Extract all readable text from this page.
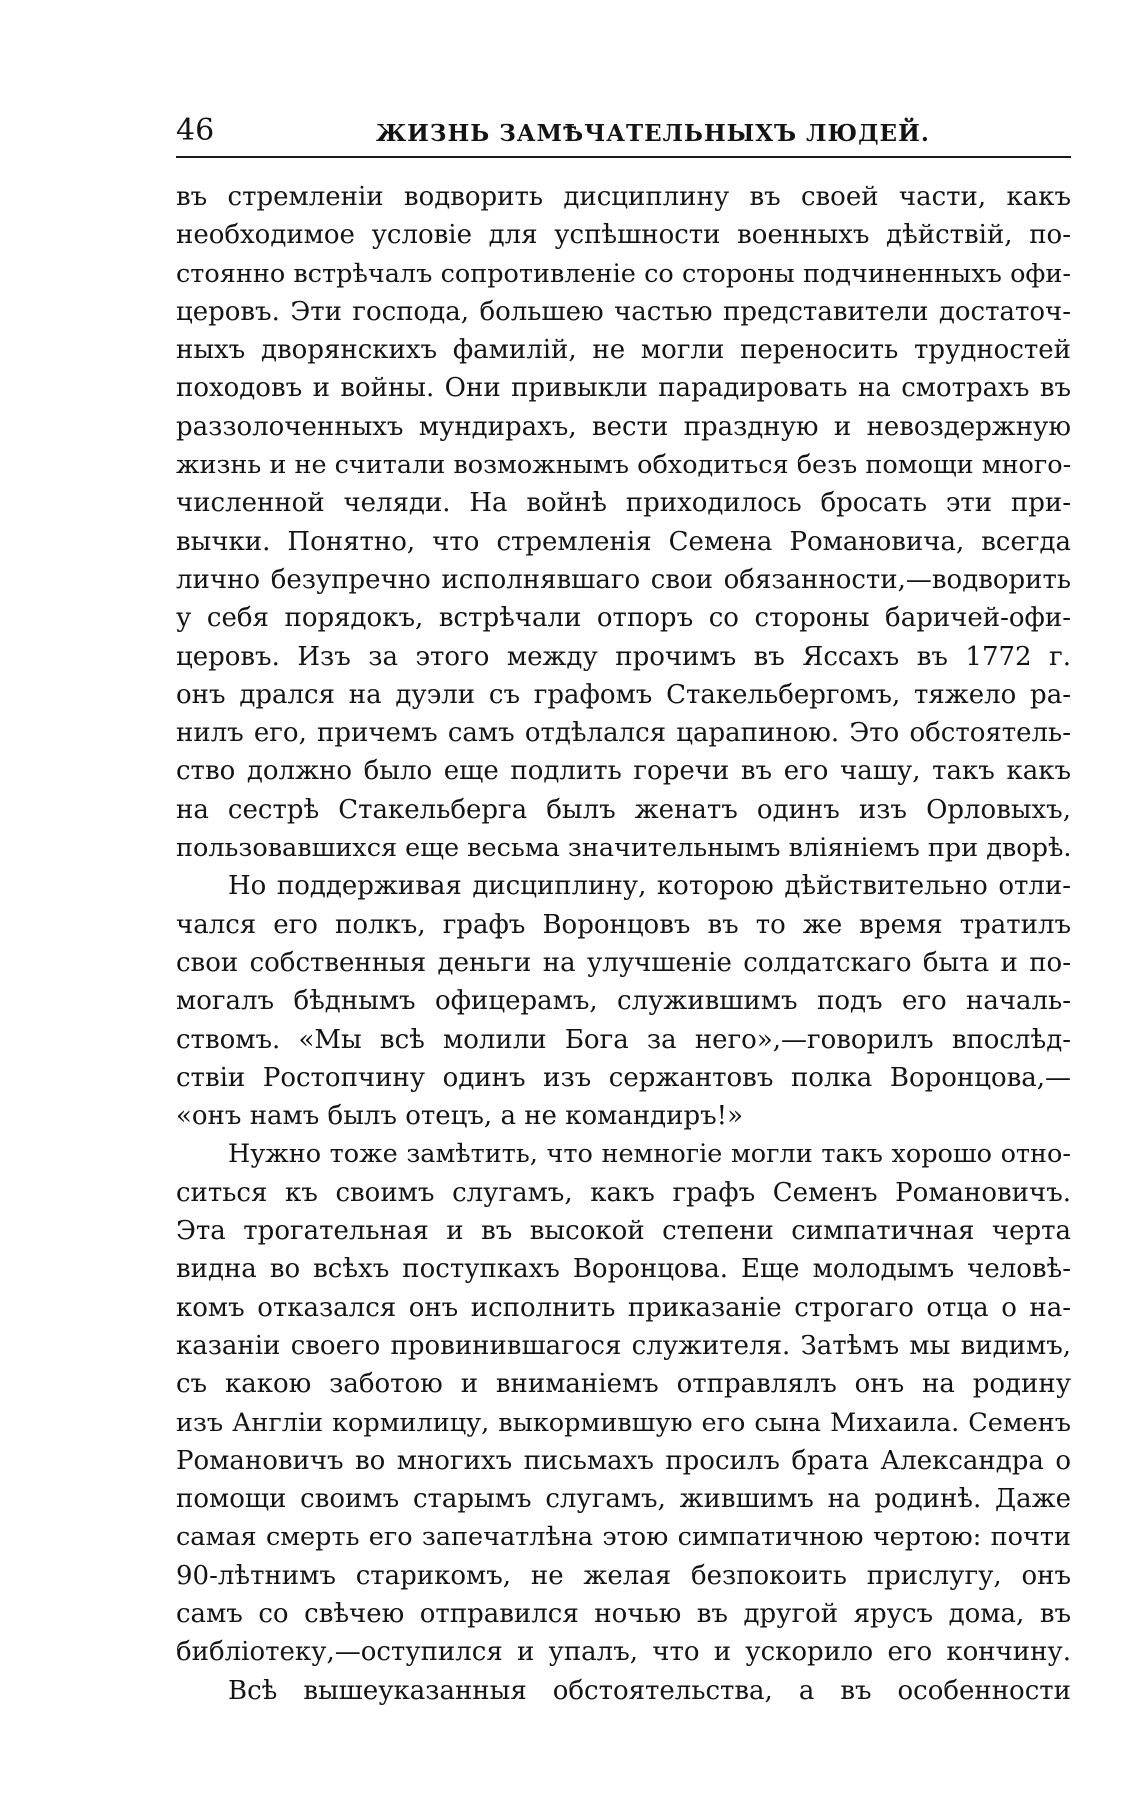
46	ЖИЗНЬ ЗАМѢЧАТЕЛЬНЫХЪ ЛЮДЕЙ.
въ стремленіи водворить дисциплину въ своей части, какъ
необходимое условіе для успѣшности военныхъ дѣйствій, по-
стоянно встрѣчалъ сопротивленіе со стороны подчиненныхъ офи-
церовъ. Эти господа, большею частью представители достаточ-
ныхъ дворянскихъ фамилій, не могли переносить трудностей
походовъ и войны. Они привыкли парадировать на смотрахъ въ
раззолоченныхъ мундирахъ, вести праздную и невоздержную
жизнь и не считали возможнымъ обходиться безъ помощи много-
численной челяди. На войнѣ приходилось бросать эти при-
вычки. Понятно, что стремленія Семена Романовича, всегда
лично безупречно исполнявшаго свои обязанности,—водворить
у себя порядокъ, встрѣчали отпоръ со стороны баричей-офи-
церовъ. Изъ за этого между прочимъ въ Яссахъ въ 1772 г.
онъ дрался на дуэли съ графомъ Стакельбергомъ, тяжело ра-
нилъ его, причемъ самъ отдѣлался царапиною. Это обстоятель-
ство должно было еще подлить горечи въ его чашу, такъ какъ
на сестрѣ Стакельберга былъ женатъ одинъ изъ Орловыхъ,
пользовавшихся еще весьма значительнымъ вліяніемъ при дворѣ.
Но поддерживая дисциплину, которою дѣйствительно отли-
чался его полкъ, графъ Воронцовъ въ то же время тратилъ
свои собственныя деньги на улучшеніе солдатскаго быта и по-
могалъ бѣднымъ офицерамъ, служившимъ подъ его началь-
ствомъ. «Мы всѣ молили Бога за него»,—говорилъ впослѣд-
ствіи Ростопчину одинъ изъ сержантовъ полка Воронцова,—
«онъ намъ былъ отецъ, а не командиръ!»
Нужно тоже замѣтить, что немногіе могли такъ хорошо отно-
ситься къ своимъ слугамъ, какъ графъ Семенъ Романовичъ.
Эта трогательная и въ высокой степени симпатичная черта
видна во всѣхъ поступкахъ Воронцова. Еще молодымъ человѣ-
комъ отказался онъ исполнить приказаніе строгаго отца о на-
казаніи своего провинившагося служителя. Затѣмъ мы видимъ,
съ какою заботою и вниманіемъ отправлялъ онъ на родину
изъ Англіи кормилицу, выкормившую его сына Михаила. Семенъ
Романовичъ во многихъ письмахъ просилъ брата Александра о
помощи своимъ старымъ слугамъ, жившимъ на родинѣ. Даже
самая смерть его запечатлѣна этою симпатичною чертою: почти
90-лѣтнимъ старикомъ, не желая безпокоить прислугу, онъ
самъ со свѣчею отправился ночью въ другой ярусъ дома, въ
библіотеку,—оступился и упалъ, что и ускорило его кончину.
Всѣ вышеуказанныя обстоятельства, а въ особенности
